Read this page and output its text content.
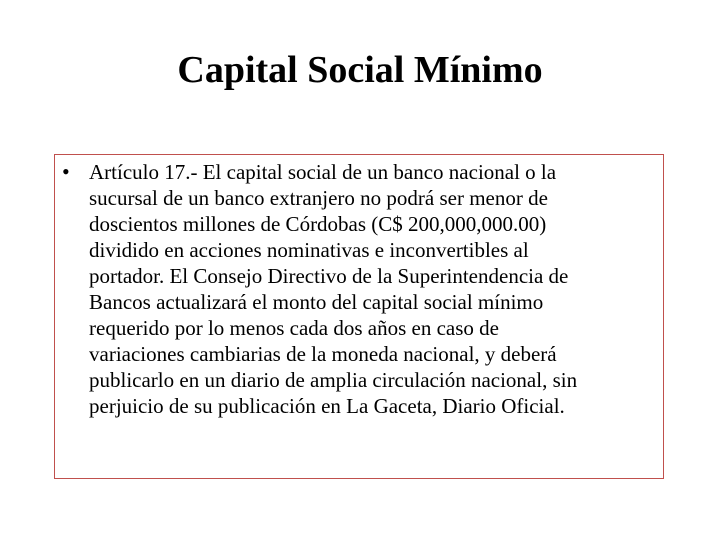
Capital Social Mínimo
• Artículo 17.- El capital social de un banco nacional o la
sucursal de un banco extranjero no podrá ser menor de
doscientos millones de Córdobas (C$ 200,000,000.00)
dividido en acciones nominativas e inconvertibles al
portador. El Consejo Directivo de la Superintendencia de
Bancos actualizará el monto del capital social mínimo
requerido por lo menos cada dos años en caso de
variaciones cambiarias de la moneda nacional, y deberá
publicarlo en un diario de amplia circulación nacional, sin
perjuicio de su publicación en La Gaceta, Diario Oficial.
